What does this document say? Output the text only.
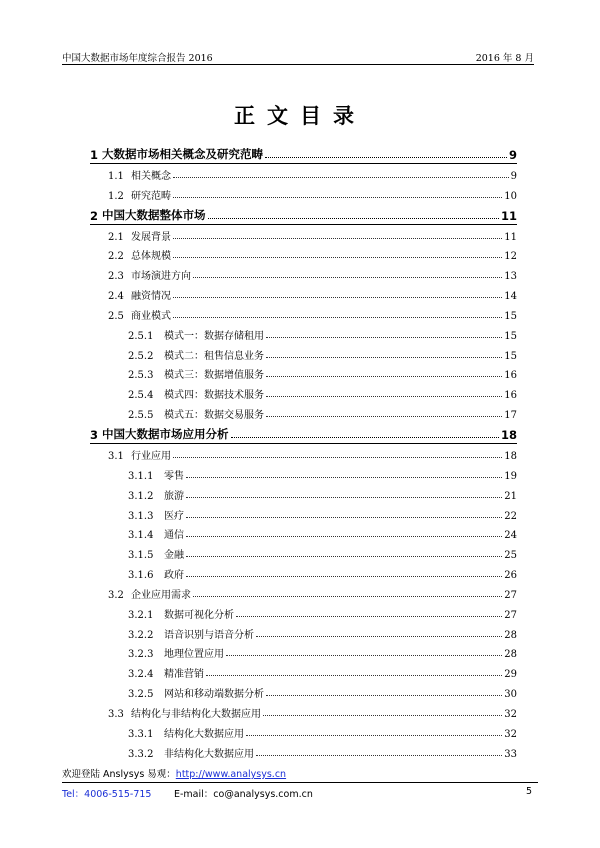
中国大数据市场年度综合报告 2016	2016 年 8 月
正文目录
1 大数据市场相关概念及研究范畴	9
1.1 相关概念	9
1.2 研究范畴	10
2 中国大数据整体市场	11
2.1 发展背景	11
2.2 总体规模	12
2.3 市场演进方向	13
2.4 融资情况	14
2.5 商业模式	15
2.5.1	模式一：数据存储租用	15
2.5.2	模式二：租售信息业务	15
2.5.3	模式三：数据增值服务	16
2.5.4	模式四：数据技术服务	16
2.5.5	模式五：数据交易服务	17
3 中国大数据市场应用分析	18
3.1 行业应用	18
3.1.1	零售	19
3.1.2	旅游	21
3.1.3	医疗	22
3.1.4	通信	24
3.1.5	金融	25
3.1.6	政府	26
3.2 企业应用需求	27
3.2.1	数据可视化分析	27
3.2.2	语音识别与语音分析	28
3.2.3	地理位置应用	28
3.2.4	精准营销	29
3.2.5	网站和移动端数据分析	30
3.3 结构化与非结构化大数据应用	32
3.3.1	结构化大数据应用	32
3.3.2	非结构化大数据应用	33
欢迎登陆 Anslysys 易观：http://www.analysys.cn
Tel：4006-515-715 E-mail：co@analysys.com.cn	5
